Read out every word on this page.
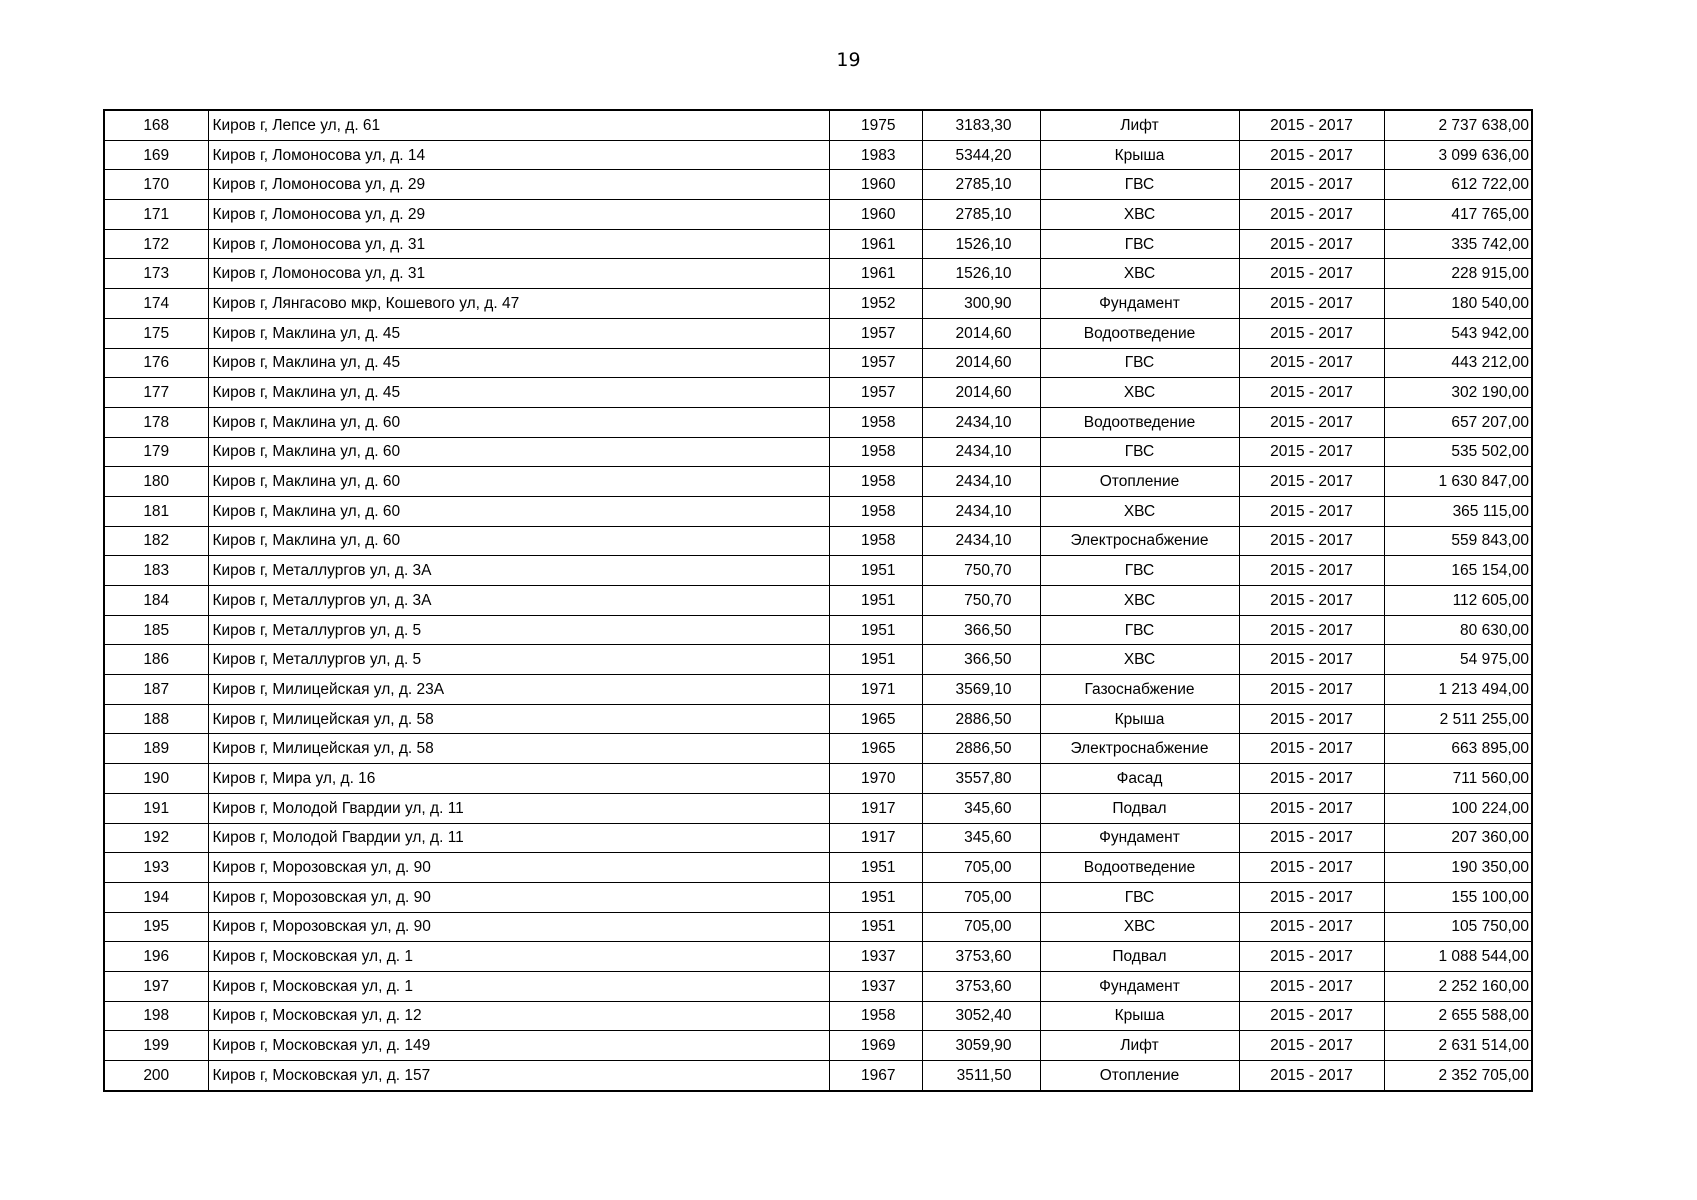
19
168	Киров г, Лепсе ул, д. 61	1975	3183,30	Лифт	2015 - 2017	2 737 638,00
169	Киров г, Ломоносова ул, д. 14	1983	5344,20	Крыша	2015 - 2017	3 099 636,00
170	Киров г, Ломоносова ул, д. 29	1960	2785,10	ГВС	2015 - 2017	612 722,00
171	Киров г, Ломоносова ул, д. 29	1960	2785,10	ХВС	2015 - 2017	417 765,00
172	Киров г, Ломоносова ул, д. 31	1961	1526,10	ГВС	2015 - 2017	335 742,00
173	Киров г, Ломоносова ул, д. 31	1961	1526,10	ХВС	2015 - 2017	228 915,00
174	Киров г, Лянгасово мкр, Кошевого ул, д. 47	1952	300,90	Фундамент	2015 - 2017	180 540,00
175	Киров г, Маклина ул, д. 45	1957	2014,60	Водоотведение	2015 - 2017	543 942,00
176	Киров г, Маклина ул, д. 45	1957	2014,60	ГВС	2015 - 2017	443 212,00
177	Киров г, Маклина ул, д. 45	1957	2014,60	ХВС	2015 - 2017	302 190,00
178	Киров г, Маклина ул, д. 60	1958	2434,10	Водоотведение	2015 - 2017	657 207,00
179	Киров г, Маклина ул, д. 60	1958	2434,10	ГВС	2015 - 2017	535 502,00
180	Киров г, Маклина ул, д. 60	1958	2434,10	Отопление	2015 - 2017	1 630 847,00
181	Киров г, Маклина ул, д. 60	1958	2434,10	ХВС	2015 - 2017	365 115,00
182	Киров г, Маклина ул, д. 60	1958	2434,10	Электроснабжение	2015 - 2017	559 843,00
183	Киров г, Металлургов ул, д. 3А	1951	750,70	ГВС	2015 - 2017	165 154,00
184	Киров г, Металлургов ул, д. 3А	1951	750,70	ХВС	2015 - 2017	112 605,00
185	Киров г, Металлургов ул, д. 5	1951	366,50	ГВС	2015 - 2017	80 630,00
186	Киров г, Металлургов ул, д. 5	1951	366,50	ХВС	2015 - 2017	54 975,00
187	Киров г, Милицейская ул, д. 23А	1971	3569,10	Газоснабжение	2015 - 2017	1 213 494,00
188	Киров г, Милицейская ул, д. 58	1965	2886,50	Крыша	2015 - 2017	2 511 255,00
189	Киров г, Милицейская ул, д. 58	1965	2886,50	Электроснабжение	2015 - 2017	663 895,00
190	Киров г, Мира ул, д. 16	1970	3557,80	Фасад	2015 - 2017	711 560,00
191	Киров г, Молодой Гвардии ул, д. 11	1917	345,60	Подвал	2015 - 2017	100 224,00
192	Киров г, Молодой Гвардии ул, д. 11	1917	345,60	Фундамент	2015 - 2017	207 360,00
193	Киров г, Морозовская ул, д. 90	1951	705,00	Водоотведение	2015 - 2017	190 350,00
194	Киров г, Морозовская ул, д. 90	1951	705,00	ГВС	2015 - 2017	155 100,00
195	Киров г, Морозовская ул, д. 90	1951	705,00	ХВС	2015 - 2017	105 750,00
196	Киров г, Московская ул, д. 1	1937	3753,60	Подвал	2015 - 2017	1 088 544,00
197	Киров г, Московская ул, д. 1	1937	3753,60	Фундамент	2015 - 2017	2 252 160,00
198	Киров г, Московская ул, д. 12	1958	3052,40	Крыша	2015 - 2017	2 655 588,00
199	Киров г, Московская ул, д. 149	1969	3059,90	Лифт	2015 - 2017	2 631 514,00
200	Киров г, Московская ул, д. 157	1967	3511,50	Отопление	2015 - 2017	2 352 705,00
